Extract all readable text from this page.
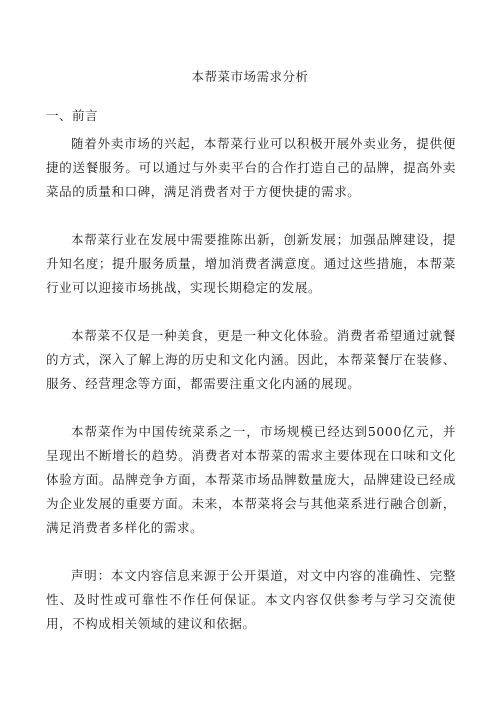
本帮菜市场需求分析
一、前言

随着外卖市场的兴起，本帮菜行业可以积极开展外卖业务，提供便捷的送餐服务。可以通过与外卖平台的合作打造自己的品牌，提高外卖菜品的质量和口碑，满足消费者对于方便快捷的需求。

本帮菜行业在发展中需要推陈出新，创新发展；加强品牌建设，提升知名度；提升服务质量，增加消费者满意度。通过这些措施，本帮菜行业可以迎接市场挑战，实现长期稳定的发展。

本帮菜不仅是一种美食，更是一种文化体验。消费者希望通过就餐的方式，深入了解上海的历史和文化内涵。因此，本帮菜餐厅在装修、服务、经营理念等方面，都需要注重文化内涵的展现。

本帮菜作为中国传统菜系之一，市场规模已经达到5000亿元，并呈现出不断增长的趋势。消费者对本帮菜的需求主要体现在口味和文化体验方面。品牌竞争方面，本帮菜市场品牌数量庞大，品牌建设已经成为企业发展的重要方面。未来，本帮菜将会与其他菜系进行融合创新，满足消费者多样化的需求。

声明：本文内容信息来源于公开渠道，对文中内容的准确性、完整性、及时性或可靠性不作任何保证。本文内容仅供参考与学习交流使用，不构成相关领域的建议和依据。
